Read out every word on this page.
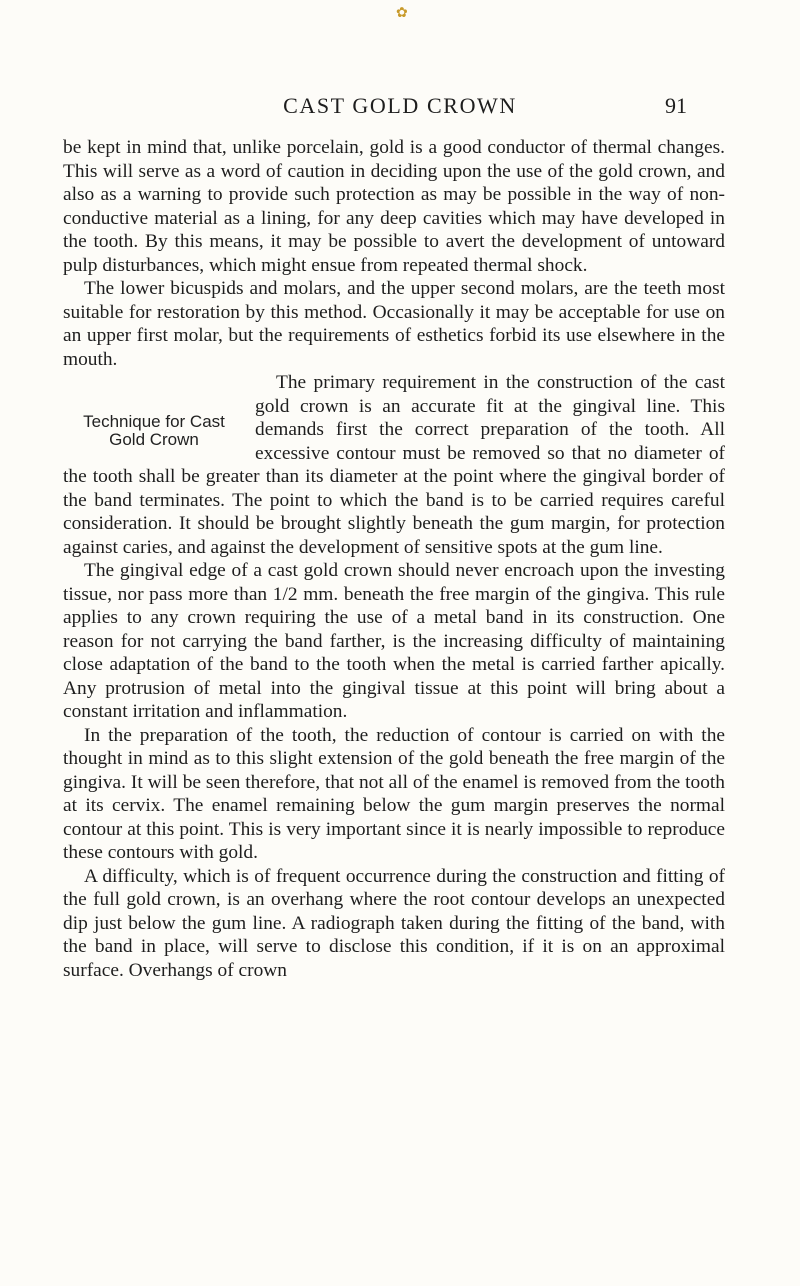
✿
CAST GOLD CROWN	91

be kept in mind that, unlike porcelain, gold is a good conductor of thermal changes. This will serve as a word of caution in deciding upon the use of the gold crown, and also as a warning to provide such protection as may be possible in the way of non-conductive material as a lining, for any deep cavities which may have developed in the tooth. By this means, it may be possible to avert the development of untoward pulp disturbances, which might ensue from repeated thermal shock.

The lower bicuspids and molars, and the upper second molars, are the teeth most suitable for restoration by this method. Occasionally it may be acceptable for use on an upper first molar, but the requirements of esthetics forbid its use elsewhere in the mouth.

Technique for Cast Gold Crown

The primary requirement in the construction of the cast gold crown is an accurate fit at the gingival line. This demands first the correct preparation of the tooth. All excessive contour must be removed so that no diameter of the tooth shall be greater than its diameter at the point where the gingival border of the band terminates. The point to which the band is to be carried requires careful consideration. It should be brought slightly beneath the gum margin, for protection against caries, and against the development of sensitive spots at the gum line.

The gingival edge of a cast gold crown should never encroach upon the investing tissue, nor pass more than 1/2 mm. beneath the free margin of the gingiva. This rule applies to any crown requiring the use of a metal band in its construction. One reason for not carrying the band farther, is the increasing difficulty of maintaining close adaptation of the band to the tooth when the metal is carried farther apically. Any protrusion of metal into the gingival tissue at this point will bring about a constant irritation and inflammation.

In the preparation of the tooth, the reduction of contour is carried on with the thought in mind as to this slight extension of the gold beneath the free margin of the gingiva. It will be seen therefore, that not all of the enamel is removed from the tooth at its cervix. The enamel remaining below the gum margin preserves the normal contour at this point. This is very important since it is nearly impossible to reproduce these contours with gold.

A difficulty, which is of frequent occurrence during the construction and fitting of the full gold crown, is an overhang where the root contour develops an unexpected dip just below the gum line. A radiograph taken during the fitting of the band, with the band in place, will serve to disclose this condition, if it is on an approximal surface. Overhangs of crown
